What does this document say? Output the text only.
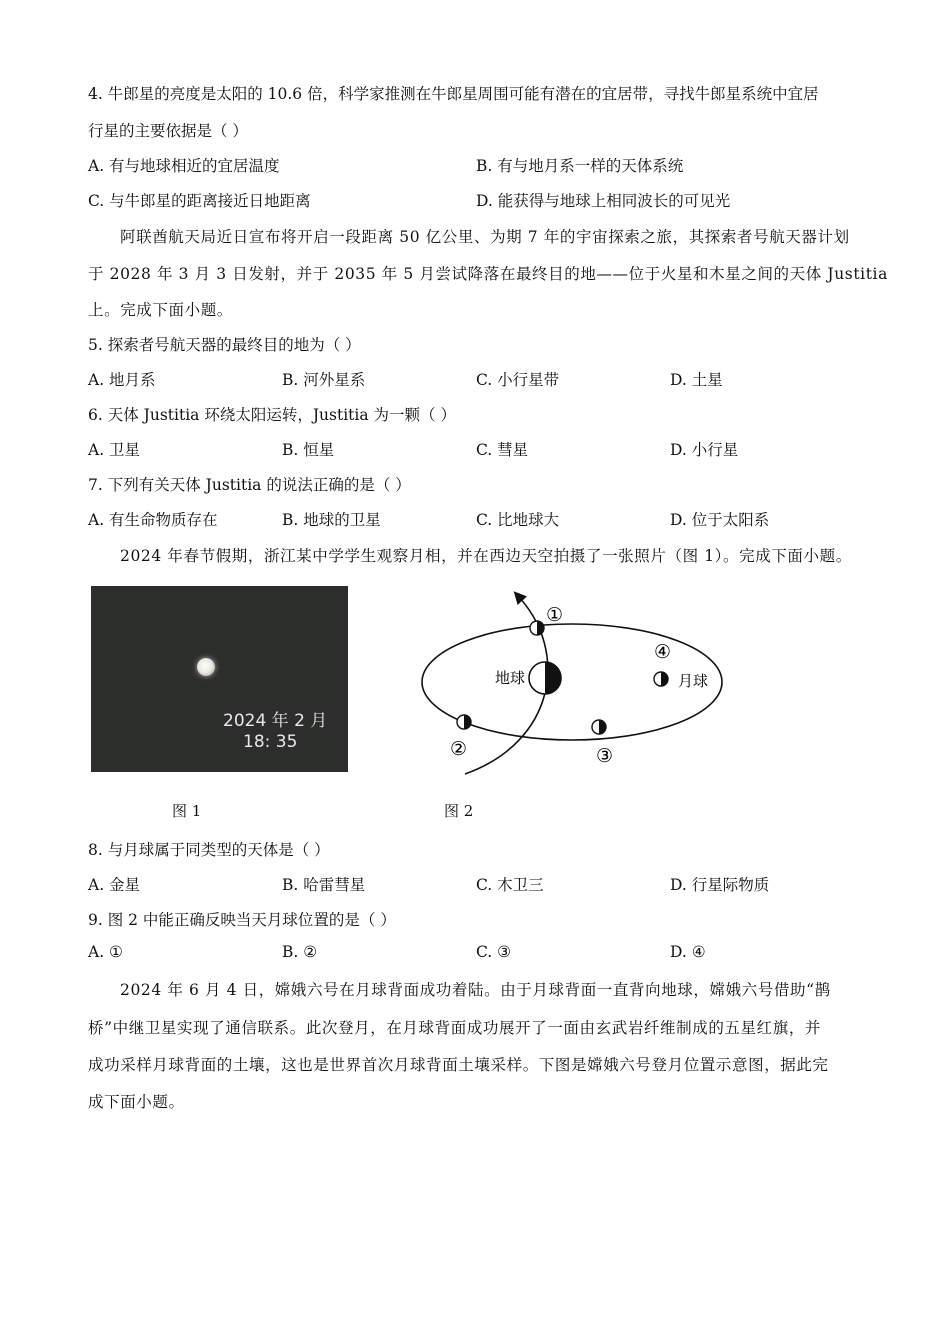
4. 牛郎星的亮度是太阳的 10.6 倍，科学家推测在牛郎星周围可能有潜在的宜居带，寻找牛郎星系统中宜居
行星的主要依据是（ ）
A. 有与地球相近的宜居温度	B. 有与地月系一样的天体系统
C. 与牛郎星的距离接近日地距离	D. 能获得与地球上相同波长的可见光
阿联酋航天局近日宣布将开启一段距离 50 亿公里、为期 7 年的宇宙探索之旅，其探索者号航天器计划
于 2028 年 3 月 3 日发射，并于 2035 年 5 月尝试降落在最终目的地——位于火星和木星之间的天体 Justitia
上。完成下面小题。
5. 探索者号航天器的最终目的地为（ ）
A. 地月系	B. 河外星系	C. 小行星带	D. 土星
6. 天体 Justitia 环绕太阳运转，Justitia 为一颗（ ）
A. 卫星	B. 恒星	C. 彗星	D. 小行星
7. 下列有关天体 Justitia 的说法正确的是（ ）
A. 有生命物质存在	B. 地球的卫星	C. 比地球大	D. 位于太阳系
2024 年春节假期，浙江某中学学生观察月相，并在西边天空拍摄了一张照片（图 1）。完成下面小题。
2024 年 2 月
18: 35
图 1
地球
①
②	③
④
月球
图 2
8. 与月球属于同类型的天体是（ ）
A. 金星	B. 哈雷彗星	C. 木卫三	D. 行星际物质
9. 图 2 中能正确反映当天月球位置的是（ ）
A. ①	B. ②	C. ③	D. ④
2024 年 6 月 4 日，嫦娥六号在月球背面成功着陆。由于月球背面一直背向地球，嫦娥六号借助“鹊
桥”中继卫星实现了通信联系。此次登月，在月球背面成功展开了一面由玄武岩纤维制成的五星红旗，并
成功采样月球背面的土壤，这也是世界首次月球背面土壤采样。下图是嫦娥六号登月位置示意图，据此完
成下面小题。
